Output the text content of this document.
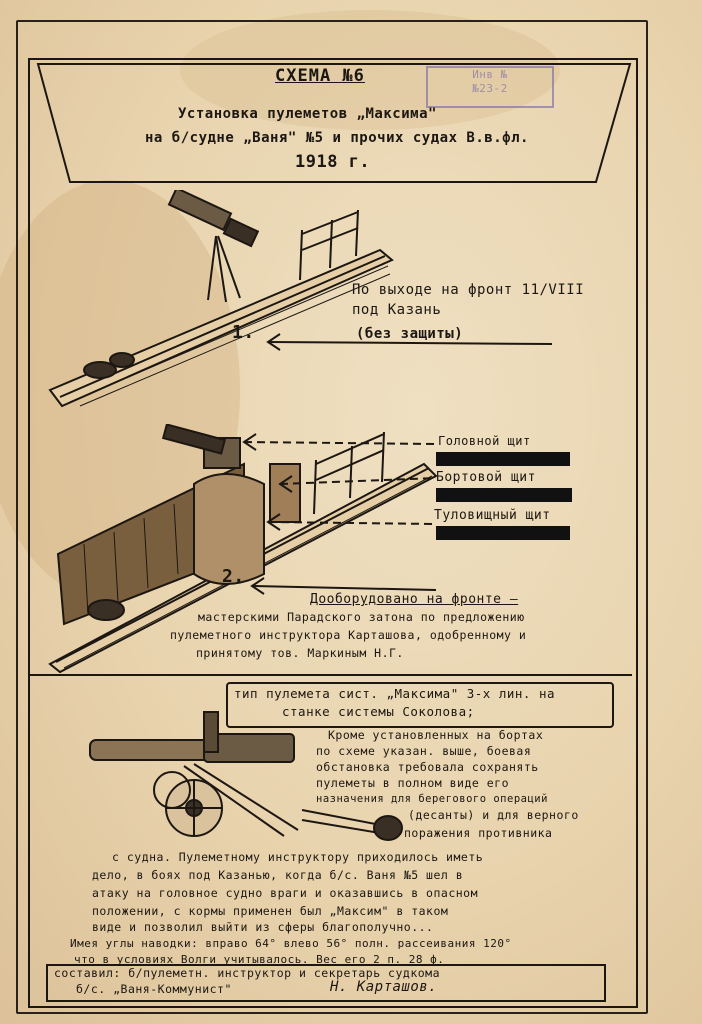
Инв №
№23-2
СХЕМА №6
Установка пулеметов „Максима"
на б/судне „Ваня" №5 и прочих судах В.в.фл.
1918 г.
1.
По выходе на фронт 11/VIII
под Казань
(без защиты)
2.
Головной щит
Бортовой щит
Туловищный щит
Дооборудовано на фронте —
мастерскими Парадского затона по предложению
пулеметного инструктора Карташова, одобренному и
принятому тов. Маркиным Н.Г.
тип пулемета сист. „Максима" 3-х лин. на
станке системы Соколова;
Кроме установленных на бортах
по схеме указан. выше, боевая
обстановка требовала сохранять
пулеметы в полном виде его
назначения для берегового операций
(десанты) и для верного
поражения противника
с судна. Пулеметному инструктору приходилось иметь
дело, в боях под Казанью, когда б/с. Ваня №5 шел в
атаку на головное судно враги и оказавшись в опасном
положении, с кормы применен был „Максим" в таком
виде и позволил выйти из сферы благополучно...
Имея углы наводки: вправо 64° влево 56° полн. рассеивания 120°
что в условиях Волги учитывалось. Вес его 2 п. 28 ф.
составил: б/пулеметн. инструктор и секретарь судкома
б/с. „Ваня-Коммунист"	Н. Карташов.
